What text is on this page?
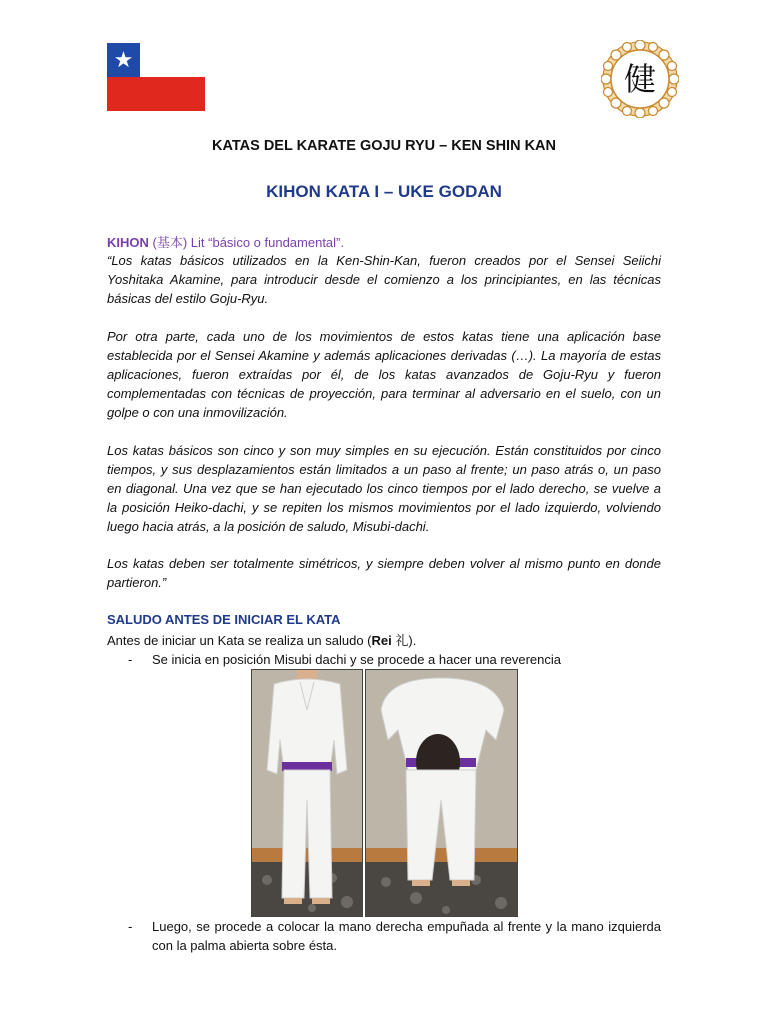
★
健
KATAS DEL KARATE GOJU RYU – KEN SHIN KAN
KIHON KATA I – UKE GODAN
KIHON (基本) Lit “básico o fundamental”.
“Los katas básicos utilizados en la Ken-Shin-Kan, fueron creados por el Sensei Seiichi Yoshitaka Akamine, para introducir desde el comienzo a los principiantes, en las técnicas básicas del estilo Goju-Ryu.
Por otra parte, cada uno de los movimientos de estos katas tiene una aplicación base establecida por el Sensei Akamine y además aplicaciones derivadas (…). La mayoría de estas aplicaciones, fueron extraídas por él, de los katas avanzados de Goju-Ryu y fueron complementadas con técnicas de proyección, para terminar al adversario en el suelo, con un golpe o con una inmovilización.
Los katas básicos son cinco y son muy simples en su ejecución. Están constituidos por cinco tiempos, y sus desplazamientos están limitados a un paso al frente; un paso atrás o, un paso en diagonal. Una vez que se han ejecutado los cinco tiempos por el lado derecho, se vuelve a la posición Heiko-dachi, y se repiten los mismos movimientos por el lado izquierdo, volviendo luego hacia atrás, a la posición de saludo, Misubi-dachi.
Los katas deben ser totalmente simétricos, y siempre deben volver al mismo punto en donde partieron.”
SALUDO ANTES DE INICIAR EL KATA
Antes de iniciar un Kata se realiza un saludo (Rei 礼).
- Se inicia en posición Misubi dachi y se procede a hacer una reverencia
- Luego, se procede a colocar la mano derecha empuñada al frente y la mano izquierda con la palma abierta sobre ésta.
